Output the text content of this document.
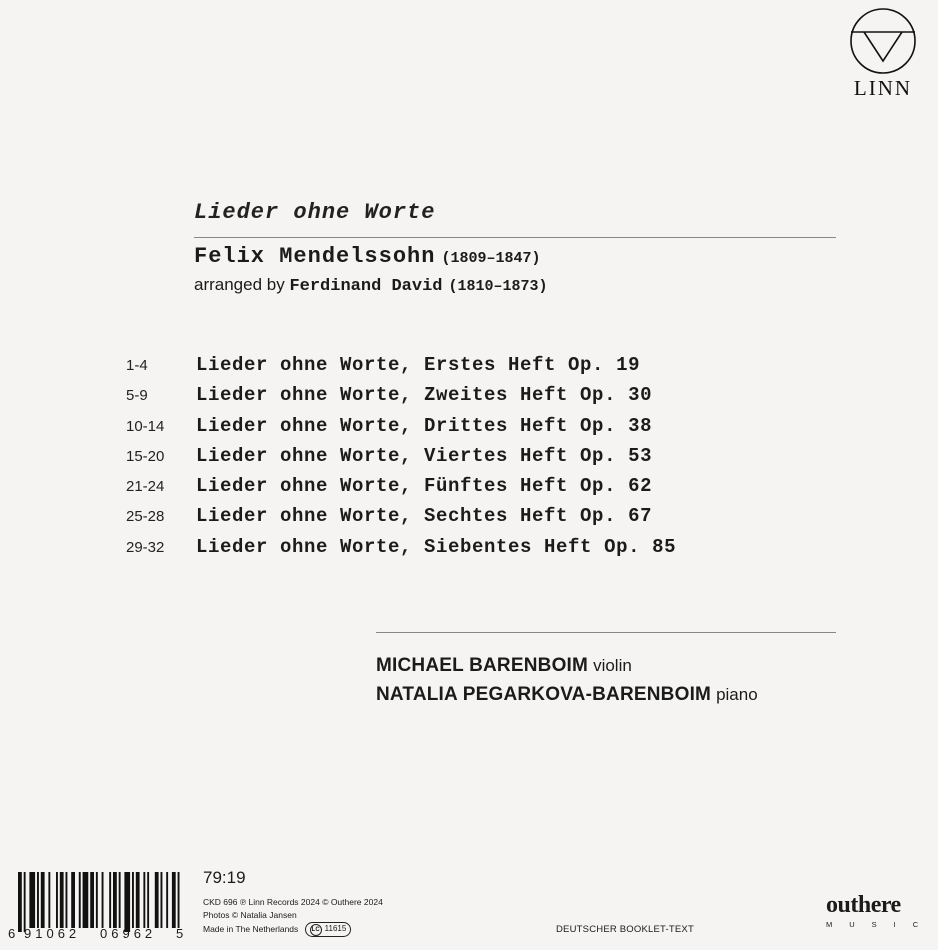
LINN
Lieder ohne Worte
Felix Mendelssohn (1809–1847)
arranged by Ferdinand David (1810–1873)
1-4	Lieder ohne Worte, Erstes Heft Op. 19
5-9	Lieder ohne Worte, Zweites Heft Op. 30
10-14	Lieder ohne Worte, Drittes Heft Op. 38
15-20	Lieder ohne Worte, Viertes Heft Op. 53
21-24	Lieder ohne Worte, Fünftes Heft Op. 62
25-28	Lieder ohne Worte, Sechtes Heft Op. 67
29-32	Lieder ohne Worte, Siebentes Heft Op. 85
MICHAEL BARENBOIM violin
NATALIA PEGARKOVA-BARENBOIM piano
6 91062 06962 5
79:19
CKD 696 ℗ Linn Records 2024 © Outhere 2024
Photos © Natalia Jansen
Made in The Netherlands LC 11615	DEUTSCHER BOOKLET-TEXT
outhere
MUSIC
